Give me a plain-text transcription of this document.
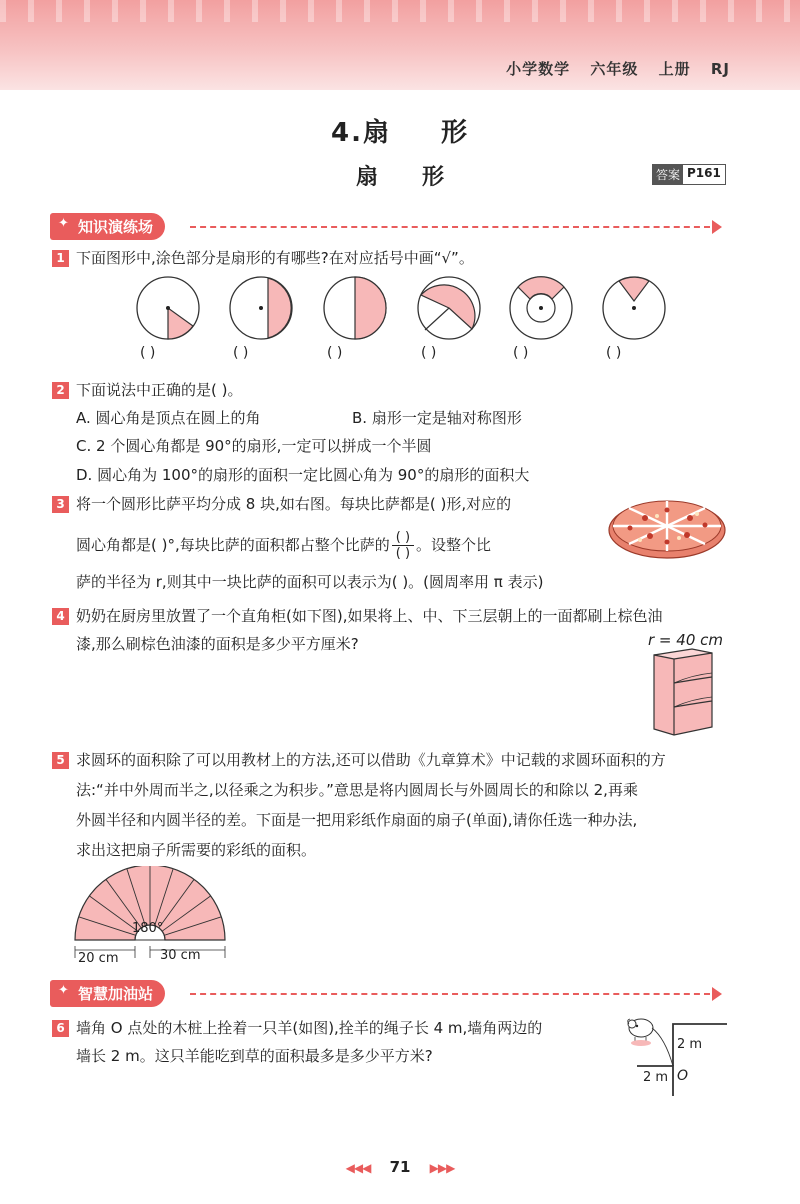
小学数学 六年级 上册 RJ
4.扇 形
扇 形	答案 P161
✦ 知识演练场
1 下面图形中,涂色部分是扇形的有哪些?在对应括号中画“√”。
( )	( )	( )	( )	( )	( )
2 下面说法中正确的是( )。
A. 圆心角是顶点在圆上的角	B. 扇形一定是轴对称图形
C. 2 个圆心角都是 90°的扇形,一定可以拼成一个半圆
D. 圆心角为 100°的扇形的面积一定比圆心角为 90°的扇形的面积大
3 将一个圆形比萨平均分成 8 块,如右图。每块比萨都是( )形,对应的
圆心角都是( )°,每块比萨的面积都占整个比萨的 $\frac{( )}{( )}$ 。设整个比
萨的半径为 r,则其中一块比萨的面积可以表示为( )。(圆周率用 π 表示)
4 奶奶在厨房里放置了一个直角柜(如下图),如果将上、中、下三层朝上的一面都刷上棕色油
漆,那么刷棕色油漆的面积是多少平方厘米?	r = 40 cm
5 求圆环的面积除了可以用教材上的方法,还可以借助《九章算术》中记载的求圆环面积的方
法:“并中外周而半之,以径乘之为积步。”意思是将内圆周长与外圆周长的和除以 2,再乘
外圆半径和内圆半径的差。下面是一把用彩纸作扇面的扇子(单面),请你任选一种办法,
求出这把扇子所需要的彩纸的面积。
180°
20 cm	30 cm
✦ 智慧加油站
6 墙角 O 点处的木桩上拴着一只羊(如图),拴羊的绳子长 4 m,墙角两边的
墙长 2 m。这只羊能吃到草的面积最多是多少平方米?
2 m
2 m O
◀◀◀ 71 ▶▶▶
